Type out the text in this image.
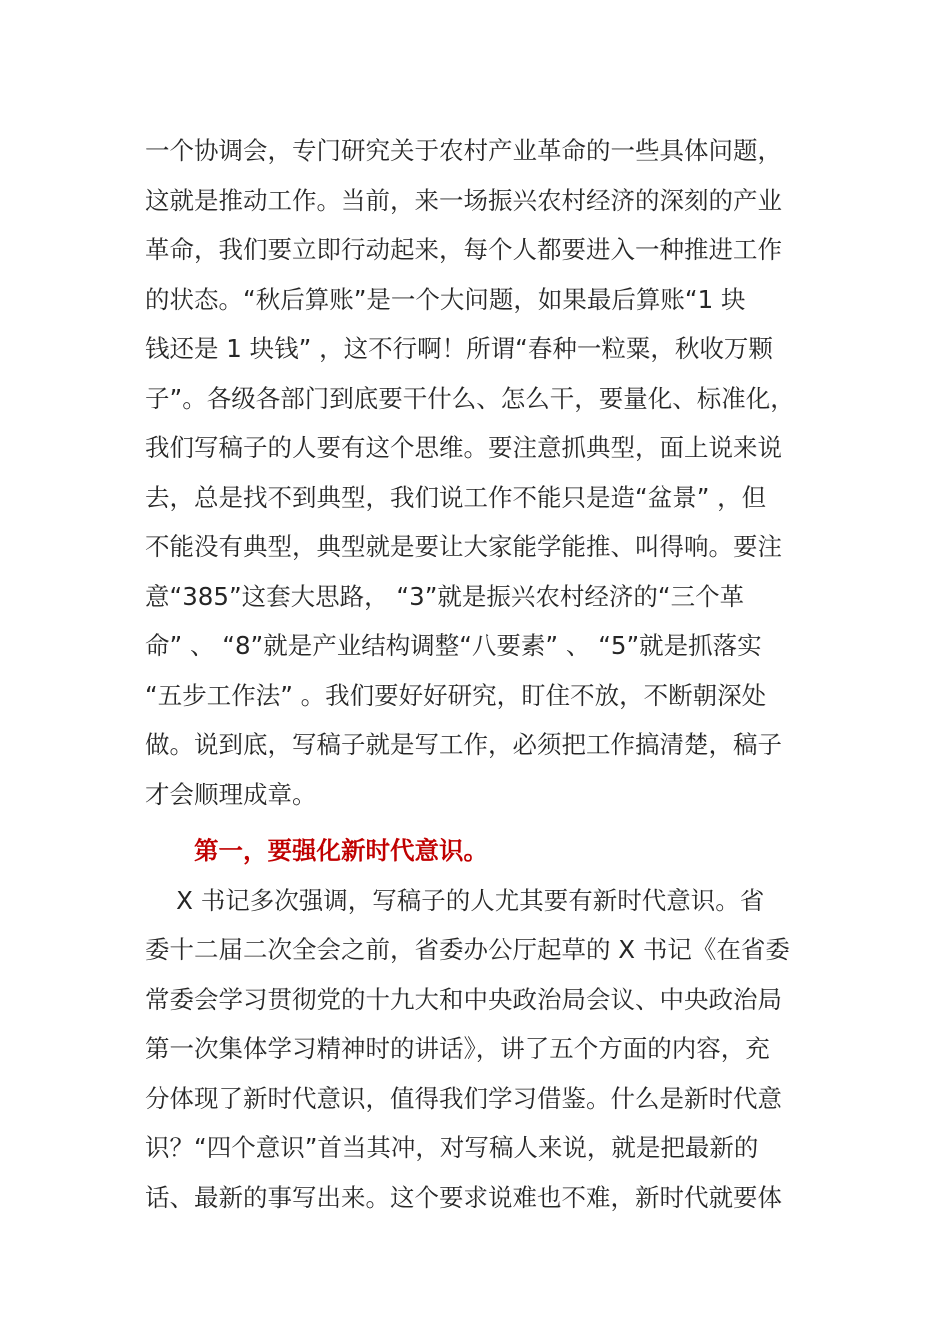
一个协调会，专门研究关于农村产业革命的一些具体问题，
这就是推动工作。当前，来一场振兴农村经济的深刻的产业
革命，我们要立即行动起来，每个人都要进入一种推进工作
的状态。“秋后算账”是一个大问题，如果最后算账“1 块
钱还是 1 块钱” ，这不行啊！所谓“春种一粒粟，秋收万颗
子”。各级各部门到底要干什么、怎么干，要量化、标准化，
我们写稿子的人要有这个思维。要注意抓典型，面上说来说
去，总是找不到典型，我们说工作不能只是造“盆景” ，但
不能没有典型，典型就是要让大家能学能推、叫得响。要注
意“385”这套大思路， “3”就是振兴农村经济的“三个革
命” 、 “8”就是产业结构调整“八要素” 、 “5”就是抓落实
“五步工作法” 。我们要好好研究，盯住不放，不断朝深处
做。说到底，写稿子就是写工作，必须把工作搞清楚，稿子
才会顺理成章。
第一，要强化新时代意识。
X 书记多次强调，写稿子的人尤其要有新时代意识。省
委十二届二次全会之前，省委办公厅起草的 X 书记《在省委
常委会学习贯彻党的十九大和中央政治局会议、中央政治局
第一次集体学习精神时的讲话》，讲了五个方面的内容，充
分体现了新时代意识，值得我们学习借鉴。什么是新时代意
识？“四个意识”首当其冲，对写稿人来说，就是把最新的
话、最新的事写出来。这个要求说难也不难，新时代就要体
